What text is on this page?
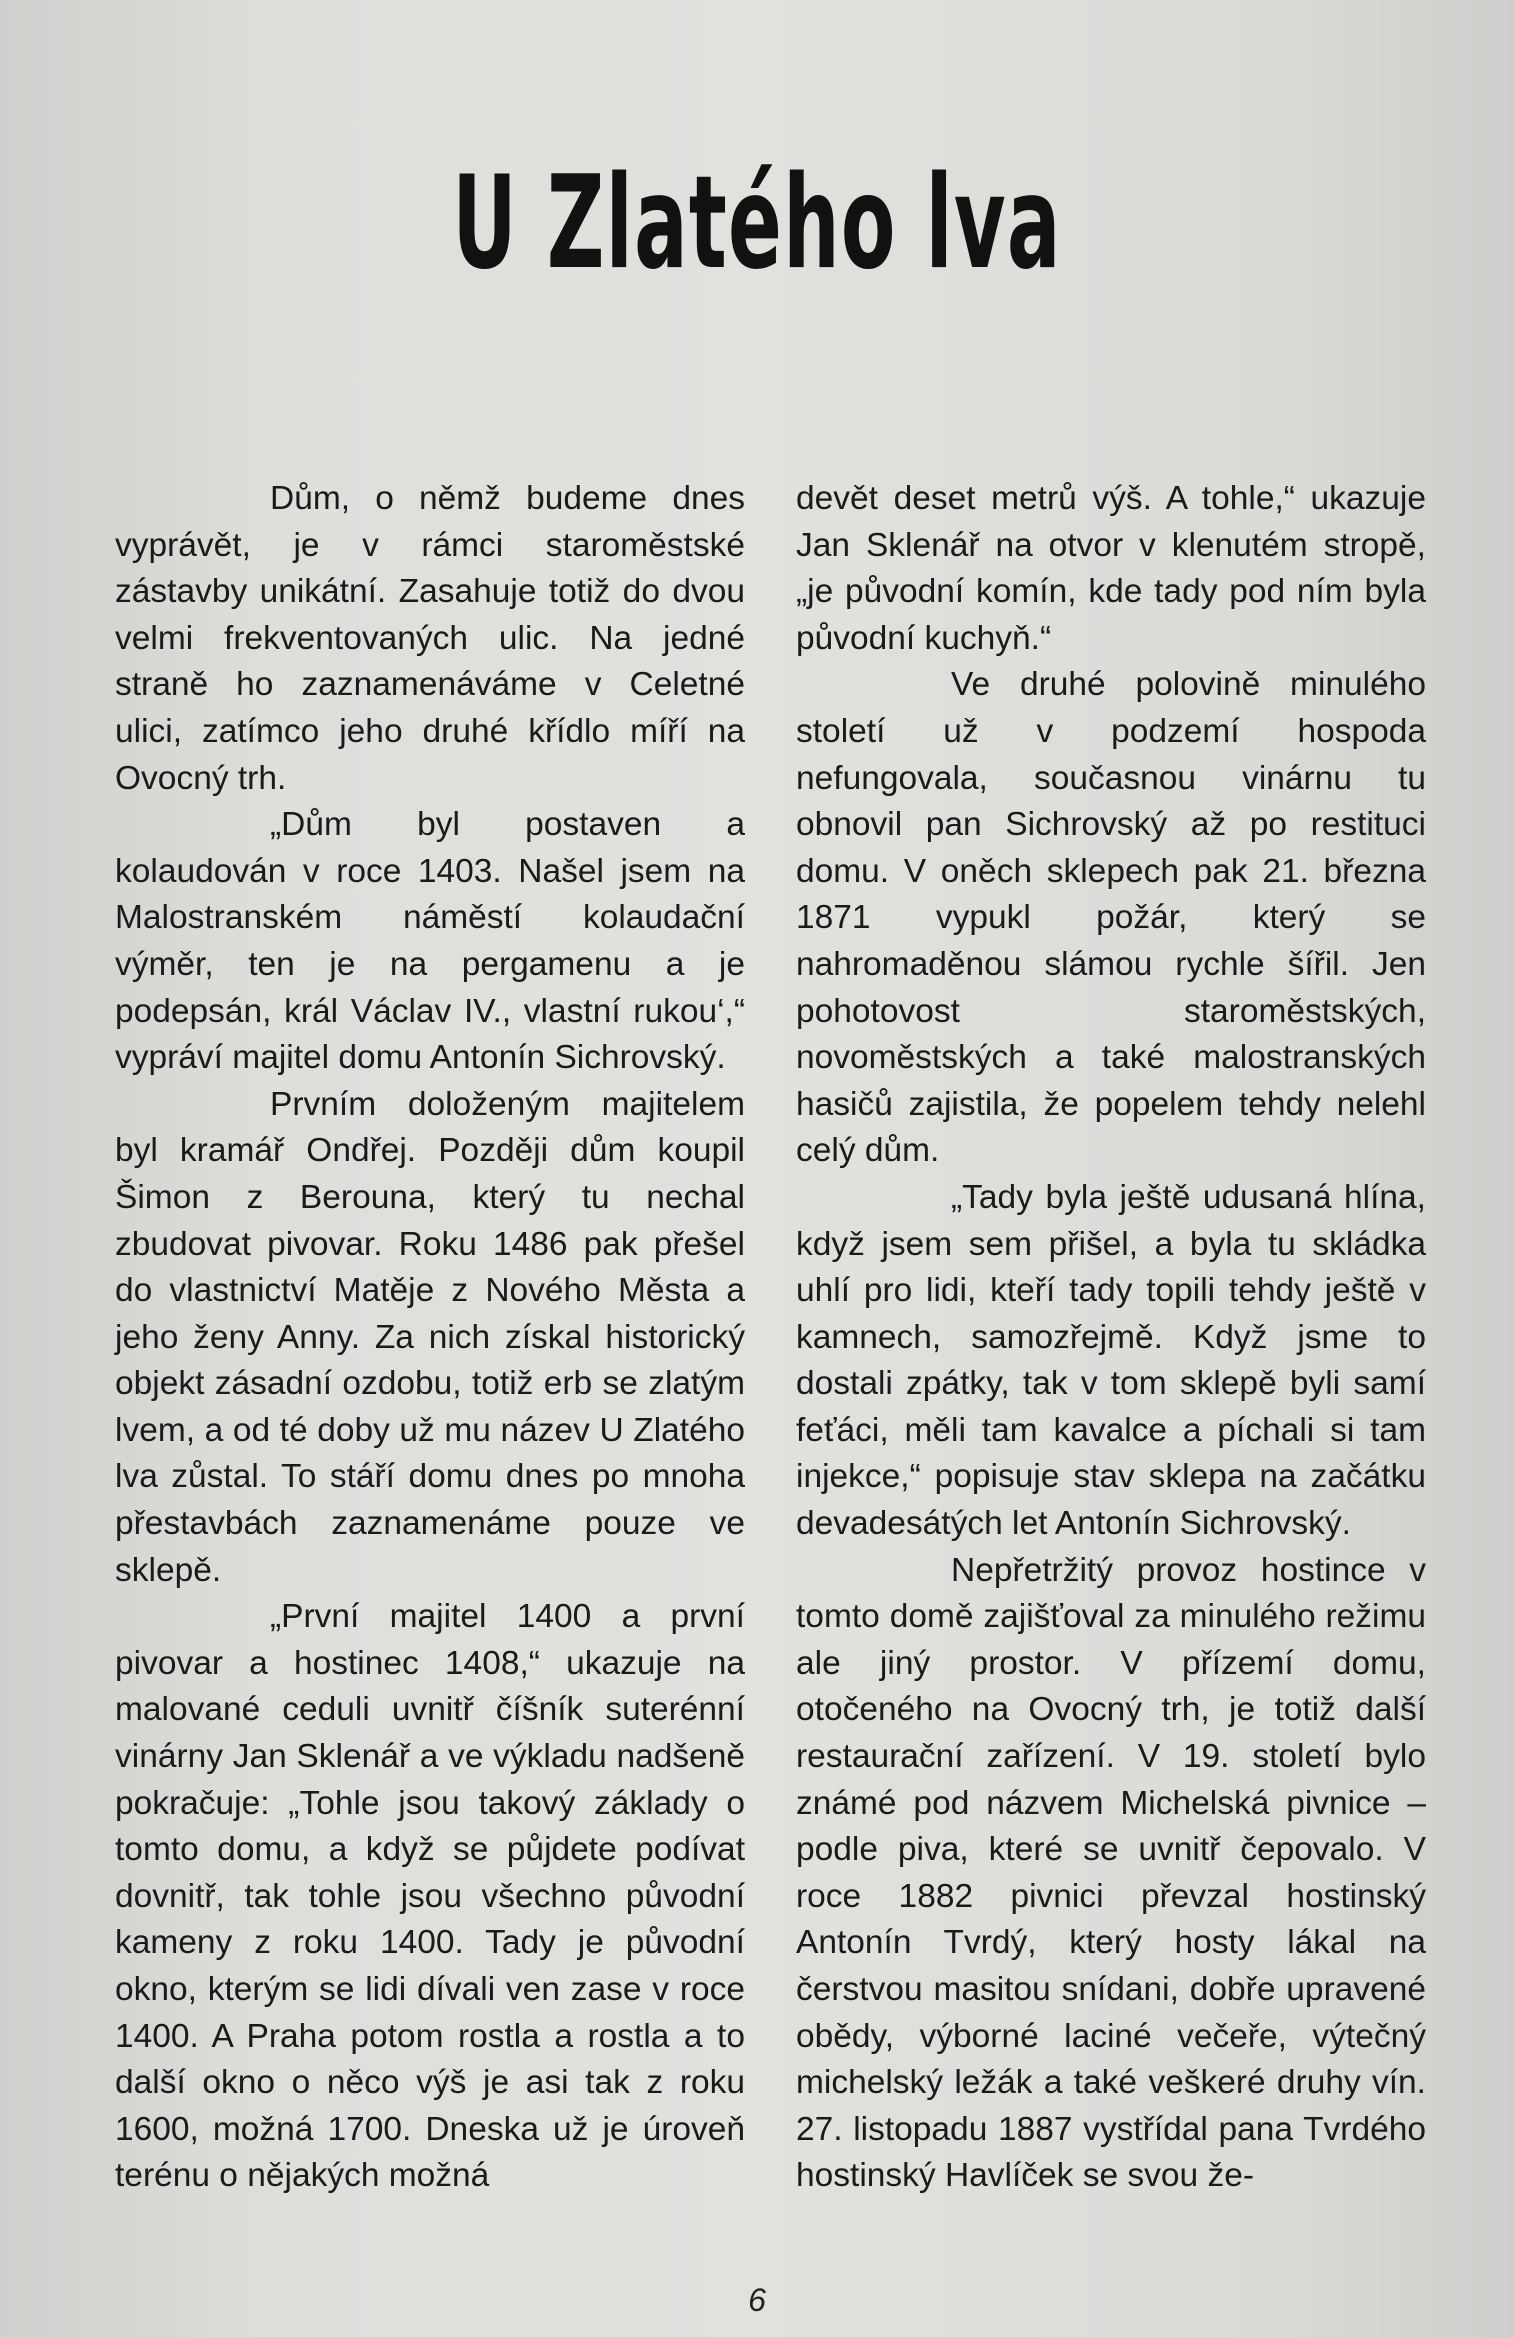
U Zlatého lva

Dům, o němž budeme dnes vyprávět, je v rámci staroměstské zástavby unikátní. Zasahuje totiž do dvou velmi frekventovaných ulic. Na jedné straně ho zaznamenáváme v Celetné ulici, zatímco jeho druhé křídlo míří na Ovocný trh.

„Dům byl postaven a kolaudován v roce 1403. Našel jsem na Malostranském náměstí kolaudační výměr, ten je na pergamenu a je podepsán, král Václav IV., vlastní rukou‘,“ vypráví majitel domu Antonín Sichrovský.

Prvním doloženým majitelem byl kramář Ondřej. Později dům koupil Šimon z Berouna, který tu nechal zbudovat pivovar. Roku 1486 pak přešel do vlastnictví Matěje z Nového Města a jeho ženy Anny. Za nich získal historický objekt zásadní ozdobu, totiž erb se zlatým lvem, a od té doby už mu název U Zlatého lva zůstal. To stáří domu dnes po mnoha přestavbách zaznamenáme pouze ve sklepě.

„První majitel 1400 a první pivovar a hostinec 1408,“ ukazuje na malované ceduli uvnitř číšník suterénní vinárny Jan Sklenář a ve výkladu nadšeně pokračuje: „Tohle jsou takový základy o tomto domu, a když se půjdete podívat dovnitř, tak tohle jsou všechno původní kameny z roku 1400. Tady je původní okno, kterým se lidi dívali ven zase v roce 1400. A Praha potom rostla a rostla a to další okno o něco výš je asi tak z roku 1600, možná 1700. Dneska už je úroveň terénu o nějakých možná

devět deset metrů výš. A tohle,“ ukazuje Jan Sklenář na otvor v klenutém stropě, „je původní komín, kde tady pod ním byla původní kuchyň.“

Ve druhé polovině minulého století už v podzemí hospoda nefungovala, současnou vinárnu tu obnovil pan Sichrovský až po restituci domu. V oněch sklepech pak 21. března 1871 vypukl požár, který se nahromaděnou slámou rychle šířil. Jen pohotovost staroměstských, novoměstských a také malostranských hasičů zajistila, že popelem tehdy nelehl celý dům.

„Tady byla ještě udusaná hlína, když jsem sem přišel, a byla tu skládka uhlí pro lidi, kteří tady topili tehdy ještě v kamnech, samozřejmě. Když jsme to dostali zpátky, tak v tom sklepě byli samí feťáci, měli tam kavalce a píchali si tam injekce,“ popisuje stav sklepa na začátku devadesátých let Antonín Sichrovský.

Nepřetržitý provoz hostince v tomto domě zajišťoval za minulého režimu ale jiný prostor. V přízemí domu, otočeného na Ovocný trh, je totiž další restaurační zařízení. V 19. století bylo známé pod názvem Michelská pivnice – podle piva, které se uvnitř čepovalo. V roce 1882 pivnici převzal hostinský Antonín Tvrdý, který hosty lákal na čerstvou masitou snídani, dobře upravené obědy, výborné laciné večeře, výtečný michelský ležák a také veškeré druhy vín. 27. listopadu 1887 vystřídal pana Tvrdého hostinský Havlíček se svou že-

6
